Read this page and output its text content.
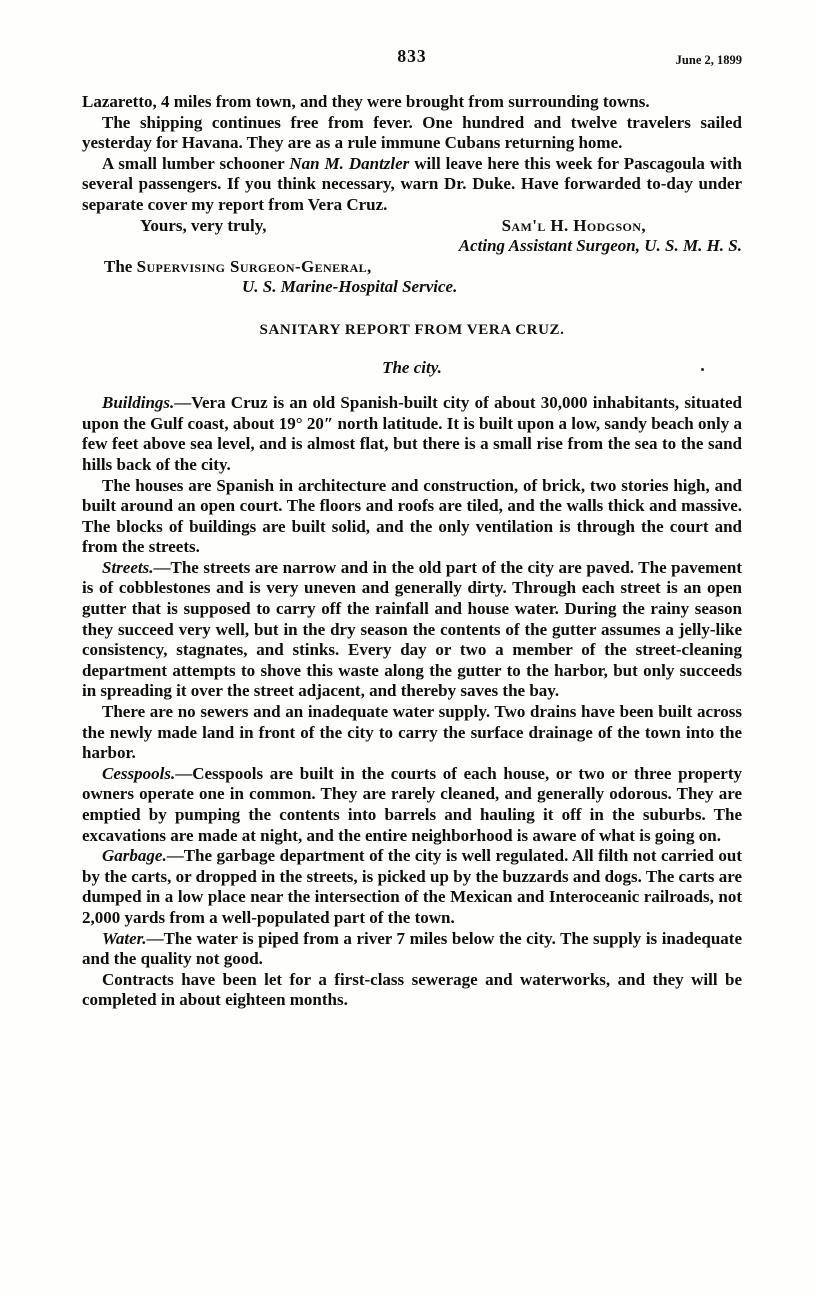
833	June 2, 1899

Lazaretto, 4 miles from town, and they were brought from surrounding towns.

The shipping continues free from fever. One hundred and twelve travelers sailed yesterday for Havana. They are as a rule immune Cubans returning home.

A small lumber schooner Nan M. Dantzler will leave here this week for Pascagoula with several passengers. If you think necessary, warn Dr. Duke. Have forwarded to-day under separate cover my report from Vera Cruz.

Yours, very truly,	Sam'l H. Hodgson,

Acting Assistant Surgeon, U. S. M. H. S.

The Supervising Surgeon-General,

U. S. Marine-Hospital Service.

SANITARY REPORT FROM VERA CRUZ.
The city.

Buildings.—Vera Cruz is an old Spanish-built city of about 30,000 inhabitants, situated upon the Gulf coast, about 19° 20″ north latitude. It is built upon a low, sandy beach only a few feet above sea level, and is almost flat, but there is a small rise from the sea to the sand hills back of the city.

The houses are Spanish in architecture and construction, of brick, two stories high, and built around an open court. The floors and roofs are tiled, and the walls thick and massive. The blocks of buildings are built solid, and the only ventilation is through the court and from the streets.

Streets.—The streets are narrow and in the old part of the city are paved. The pavement is of cobblestones and is very uneven and generally dirty. Through each street is an open gutter that is supposed to carry off the rainfall and house water. During the rainy season they succeed very well, but in the dry season the contents of the gutter assumes a jelly-like consistency, stagnates, and stinks. Every day or two a member of the street-cleaning department attempts to shove this waste along the gutter to the harbor, but only succeeds in spreading it over the street adjacent, and thereby saves the bay.

There are no sewers and an inadequate water supply. Two drains have been built across the newly made land in front of the city to carry the surface drainage of the town into the harbor.

Cesspools.—Cesspools are built in the courts of each house, or two or three property owners operate one in common. They are rarely cleaned, and generally odorous. They are emptied by pumping the contents into barrels and hauling it off in the suburbs. The excavations are made at night, and the entire neighborhood is aware of what is going on.

Garbage.—The garbage department of the city is well regulated. All filth not carried out by the carts, or dropped in the streets, is picked up by the buzzards and dogs. The carts are dumped in a low place near the intersection of the Mexican and Interoceanic railroads, not 2,000 yards from a well-populated part of the town.

Water.—The water is piped from a river 7 miles below the city. The supply is inadequate and the quality not good.

Contracts have been let for a first-class sewerage and waterworks, and they will be completed in about eighteen months.
